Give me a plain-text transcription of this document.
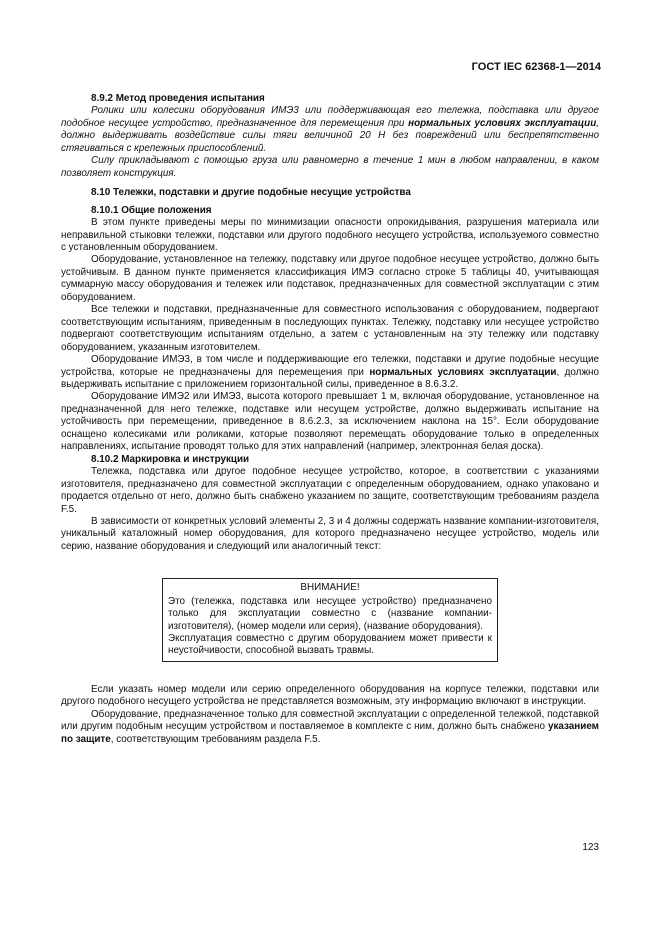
ГОСТ IEC 62368-1—2014

8.9.2 Метод проведения испытания

Ролики или колесики оборудования ИМЭ3 или поддерживающая его тележка, подставка или другое подобное несущее устройство, предназначенное для перемещения при нормальных условиях эксплуатации, должно выдерживать воздействие силы тяги величиной 20 Н без повреждений или беспрепятственно стягиваться с крепежных приспособлений.

Силу прикладывают с помощью груза или равномерно в течение 1 мин в любом направлении, в каком позволяет конструкция.

8.10 Тележки, подставки и другие подобные несущие устройства

8.10.1 Общие положения

В этом пункте приведены меры по минимизации опасности опрокидывания, разрушения материала или неправильной стыковки тележки, подставки или другого подобного несущего устройства, используемого совместно с установленным оборудованием.

Оборудование, установленное на тележку, подставку или другое подобное несущее устройство, должно быть устойчивым. В данном пункте применяется классификация ИМЭ согласно строке 5 таблицы 40, учитывающая суммарную массу оборудования и тележек или подставок, предназначенных для совместной эксплуатации с этим оборудованием.

Все тележки и подставки, предназначенные для совместного использования с оборудованием, подвергают соответствующим испытаниям, приведенным в последующих пунктах. Тележку, подставку или несущее устройство подвергают соответствующим испытаниям отдельно, а затем с установленным на эту тележку или подставку оборудованием, указанным изготовителем.

Оборудование ИМЭ3, в том числе и поддерживающие его тележки, подставки и другие подобные несущие устройства, которые не предназначены для перемещения при нормальных условиях эксплуатации, должно выдерживать испытание с приложением горизонтальной силы, приведенное в 8.6.3.2.

Оборудование ИМЭ2 или ИМЭ3, высота которого превышает 1 м, включая оборудование, установленное на предназначенной для него тележке, подставке или несущем устройстве, должно выдерживать испытание на устойчивость при перемещении, приведенное в 8.6.2.3, за исключением наклона на 15°. Если оборудование оснащено колесиками или роликами, которые позволяют перемещать оборудование только в определенных направлениях, испытание проводят только для этих направлений (например, электронная белая доска).

8.10.2 Маркировка и инструкции

Тележка, подставка или другое подобное несущее устройство, которое, в соответствии с указаниями изготовителя, предназначено для совместной эксплуатации с определенным оборудованием, однако упаковано и продается отдельно от него, должно быть снабжено указанием по защите, соответствующим требованиям раздела F.5.

В зависимости от конкретных условий элементы 2, 3 и 4 должны содержать название компании-изготовителя, уникальный каталожный номер оборудования, для которого предназначено несущее устройство, модель или серию, название оборудования и следующий или аналогичный текст:

ВНИМАНИЕ!

Это (тележка, подставка или несущее устройство) предназначено только для эксплуатации совместно с (название компании-изготовителя), (номер модели или серия), (название оборудования).

Эксплуатация совместно с другим оборудованием может привести к неустойчивости, способной вызвать травмы.

Если указать номер модели или серию определенного оборудования на корпусе тележки, подставки или другого подобного несущего устройства не представляется возможным, эту информацию включают в инструкции.

Оборудование, предназначенное только для совместной эксплуатации с определенной тележкой, подставкой или другим подобным несущим устройством и поставляемое в комплекте с ним, должно быть снабжено указанием по защите, соответствующим требованиям раздела F.5.

123
